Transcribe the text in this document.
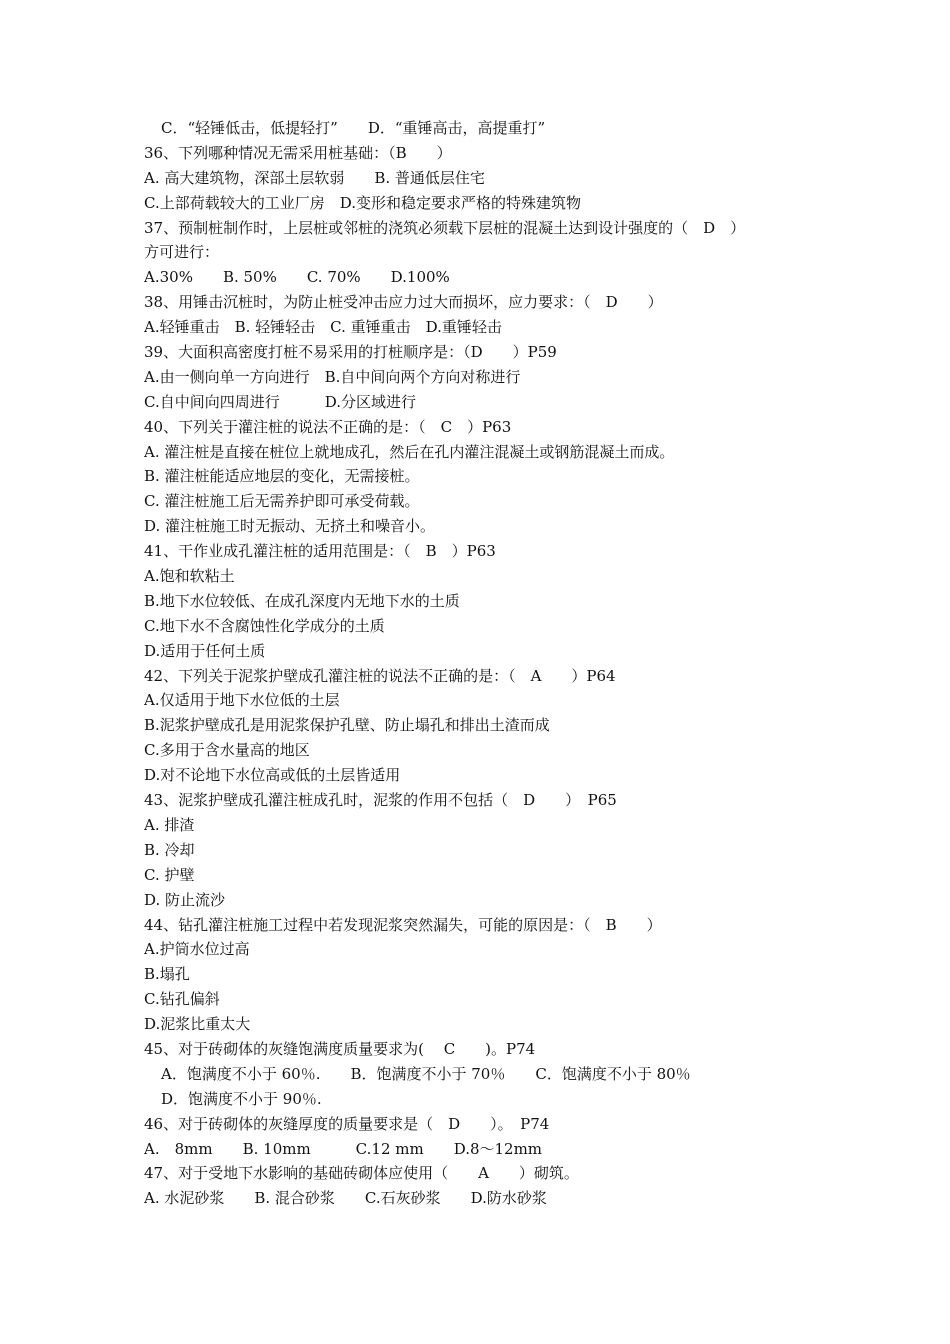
C．“轻锤低击，低提轻打”　　D．“重锤高击，高提重打”
36、下列哪种情况无需采用桩基础：（B　　）
A. 高大建筑物，深部土层软弱　　B. 普通低层住宅
C.上部荷载较大的工业厂房　D.变形和稳定要求严格的特殊建筑物
37、预制桩制作时，上层桩或邻桩的浇筑必须载下层桩的混凝土达到设计强度的（　D　）
方可进行：
A.30%　　B. 50%　　C. 70%　　D.100%
38、用锤击沉桩时，为防止桩受冲击应力过大而损坏，应力要求：（　D　　）
A.轻锤重击　B. 轻锤轻击　C. 重锤重击　D.重锤轻击
39、大面积高密度打桩不易采用的打桩顺序是：（D　　）P59
A.由一侧向单一方向进行　B.自中间向两个方向对称进行
C.自中间向四周进行　　　D.分区域进行
40、下列关于灌注桩的说法不正确的是：（　C　）P63
A. 灌注桩是直接在桩位上就地成孔，然后在孔内灌注混凝土或钢筋混凝土而成。
B. 灌注桩能适应地层的变化，无需接桩。
C. 灌注桩施工后无需养护即可承受荷载。
D. 灌注桩施工时无振动、无挤土和噪音小。
41、干作业成孔灌注桩的适用范围是：（　B　）P63
A.饱和软粘土
B.地下水位较低、在成孔深度内无地下水的土质
C.地下水不含腐蚀性化学成分的土质
D.适用于任何土质
42、下列关于泥浆护壁成孔灌注桩的说法不正确的是：（　A　　）P64
A.仅适用于地下水位低的土层
B.泥浆护壁成孔是用泥浆保护孔壁、防止塌孔和排出土渣而成
C.多用于含水量高的地区
D.对不论地下水位高或低的土层皆适用
43、泥浆护壁成孔灌注桩成孔时，泥浆的作用不包括（　D　　）　P65
A. 排渣
B. 冷却
C. 护壁
D. 防止流沙
44、钻孔灌注桩施工过程中若发现泥浆突然漏失，可能的原因是：（　B　　）
A.护筒水位过高
B.塌孔
C.钻孔偏斜
D.泥浆比重太大
45、对于砖砌体的灰缝饱满度质量要求为(　 C　　)。P74
A．饱满度不小于 60％.　　B．饱满度不小于 70％　　C．饱满度不小于 80％
D．饱满度不小于 90％.
46、对于砖砌体的灰缝厚度的质量要求是（　D　　）。　P74
A.　8mm　　B. 10mm　　　C.12 mm　　D.8～12mm
47、对于受地下水影响的基础砖砌体应使用（　　A　　）砌筑。
A. 水泥砂浆　　B. 混合砂浆　　C.石灰砂浆　　D.防水砂浆
